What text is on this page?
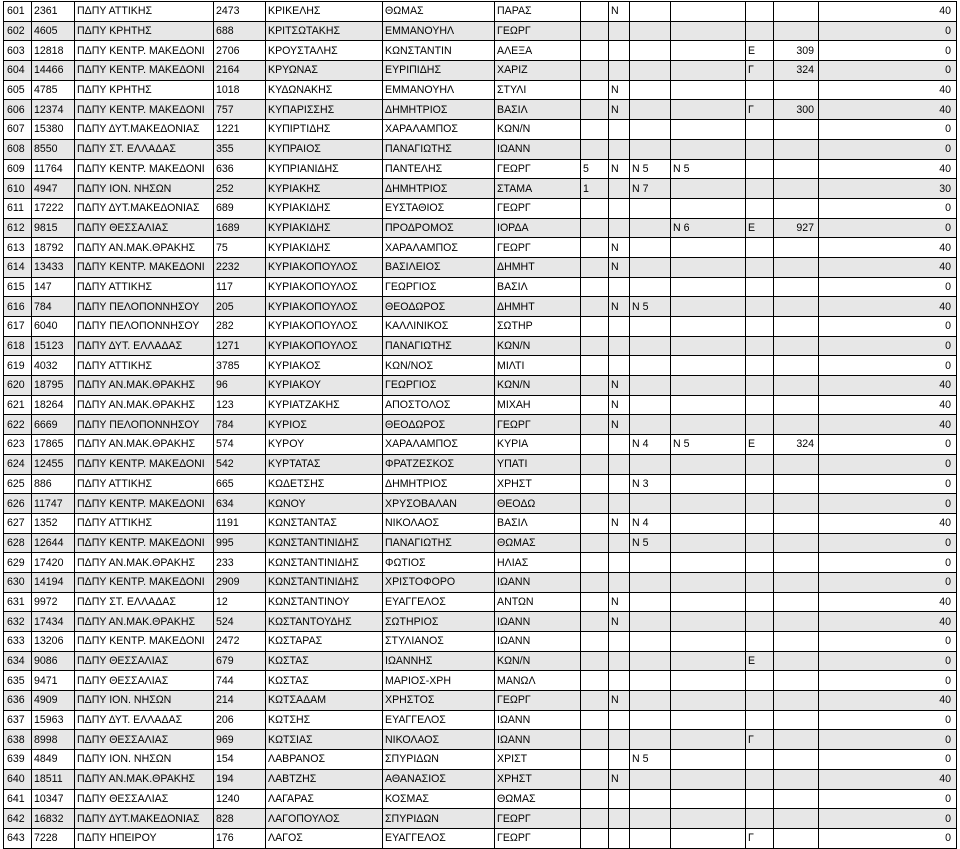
601	2361	ΠΔΠΥ ΑΤΤΙΚΗΣ	2473	ΚΡΙΚΕΛΗΣ	ΘΩΜΑΣ	ΠΑΡΑΣ		Ν					40
602	4605	ΠΔΠΥ ΚΡΗΤΗΣ	688	ΚΡΙΤΣΩΤΑΚΗΣ	ΕΜΜΑΝΟΥΗΛ	ΓΕΩΡΓ							0
603	12818	ΠΔΠΥ ΚΕΝΤΡ. ΜΑΚΕΔΟΝΙ	2706	ΚΡΟΥΣΤΑΛΗΣ	ΚΩΝΣΤΑΝΤΙΝ	ΑΛΕΞΑ					Ε	309	0
604	14466	ΠΔΠΥ ΚΕΝΤΡ. ΜΑΚΕΔΟΝΙ	2164	ΚΡΥΩΝΑΣ	ΕΥΡΙΠΙΔΗΣ	ΧΑΡΙΖ					Γ	324	0
605	4785	ΠΔΠΥ ΚΡΗΤΗΣ	1018	ΚΥΔΩΝΑΚΗΣ	ΕΜΜΑΝΟΥΗΛ	ΣΤΥΛΙ		Ν					40
606	12374	ΠΔΠΥ ΚΕΝΤΡ. ΜΑΚΕΔΟΝΙ	757	ΚΥΠΑΡΙΣΣΗΣ	ΔΗΜΗΤΡΙΟΣ	ΒΑΣΙΛ		Ν			Γ	300	40
607	15380	ΠΔΠΥ ΔΥΤ.ΜΑΚΕΔΟΝΙΑΣ	1221	ΚΥΠΙΡΤΙΔΗΣ	ΧΑΡΑΛΑΜΠΟΣ	ΚΩΝ/Ν							0
608	8550	ΠΔΠΥ ΣΤ. ΕΛΛΑΔΑΣ	355	ΚΥΠΡΑΙΟΣ	ΠΑΝΑΓΙΩΤΗΣ	ΙΩΑΝΝ							0
609	11764	ΠΔΠΥ ΚΕΝΤΡ. ΜΑΚΕΔΟΝΙ	636	ΚΥΠΡΙΑΝΙΔΗΣ	ΠΑΝΤΕΛΗΣ	ΓΕΩΡΓ	5	Ν	Ν 5	Ν 5			40
610	4947	ΠΔΠΥ ΙΟΝ. ΝΗΣΩΝ	252	ΚΥΡΙΑΚΗΣ	ΔΗΜΗΤΡΙΟΣ	ΣΤΑΜΑ	1		Ν 7				30
611	17222	ΠΔΠΥ ΔΥΤ.ΜΑΚΕΔΟΝΙΑΣ	689	ΚΥΡΙΑΚΙΔΗΣ	ΕΥΣΤΑΘΙΟΣ	ΓΕΩΡΓ							0
612	9815	ΠΔΠΥ ΘΕΣΣΑΛΙΑΣ	1689	ΚΥΡΙΑΚΙΔΗΣ	ΠΡΟΔΡΟΜΟΣ	ΙΟΡΔΑ				Ν 6	Ε	927	0
613	18792	ΠΔΠΥ ΑΝ.ΜΑΚ.ΘΡΑΚΗΣ	75	ΚΥΡΙΑΚΙΔΗΣ	ΧΑΡΑΛΑΜΠΟΣ	ΓΕΩΡΓ		Ν					40
614	13433	ΠΔΠΥ ΚΕΝΤΡ. ΜΑΚΕΔΟΝΙ	2232	ΚΥΡΙΑΚΟΠΟΥΛΟΣ	ΒΑΣΙΛΕΙΟΣ	ΔΗΜΗΤ		Ν					40
615	147	ΠΔΠΥ ΑΤΤΙΚΗΣ	117	ΚΥΡΙΑΚΟΠΟΥΛΟΣ	ΓΕΩΡΓΙΟΣ	ΒΑΣΙΛ							0
616	784	ΠΔΠΥ ΠΕΛΟΠΟΝΝΗΣΟΥ	205	ΚΥΡΙΑΚΟΠΟΥΛΟΣ	ΘΕΟΔΩΡΟΣ	ΔΗΜΗΤ		Ν	Ν 5				40
617	6040	ΠΔΠΥ ΠΕΛΟΠΟΝΝΗΣΟΥ	282	ΚΥΡΙΑΚΟΠΟΥΛΟΣ	ΚΑΛΛΙΝΙΚΟΣ	ΣΩΤΗΡ							0
618	15123	ΠΔΠΥ ΔΥΤ. ΕΛΛΑΔΑΣ	1271	ΚΥΡΙΑΚΟΠΟΥΛΟΣ	ΠΑΝΑΓΙΩΤΗΣ	ΚΩΝ/Ν							0
619	4032	ΠΔΠΥ ΑΤΤΙΚΗΣ	3785	ΚΥΡΙΑΚΟΣ	ΚΩΝ/ΝΟΣ	ΜΙΛΤΙ							0
620	18795	ΠΔΠΥ ΑΝ.ΜΑΚ.ΘΡΑΚΗΣ	96	ΚΥΡΙΑΚΟΥ	ΓΕΩΡΓΙΟΣ	ΚΩΝ/Ν		Ν					40
621	18264	ΠΔΠΥ ΑΝ.ΜΑΚ.ΘΡΑΚΗΣ	123	ΚΥΡΙΑΤΖΑΚΗΣ	ΑΠΟΣΤΟΛΟΣ	ΜΙΧΑΗ		Ν					40
622	6669	ΠΔΠΥ ΠΕΛΟΠΟΝΝΗΣΟΥ	784	ΚΥΡΙΟΣ	ΘΕΟΔΩΡΟΣ	ΓΕΩΡΓ		Ν					40
623	17865	ΠΔΠΥ ΑΝ.ΜΑΚ.ΘΡΑΚΗΣ	574	ΚΥΡΟΥ	ΧΑΡΑΛΑΜΠΟΣ	ΚΥΡΙΑ			Ν 4	Ν 5	Ε	324	0
624	12455	ΠΔΠΥ ΚΕΝΤΡ. ΜΑΚΕΔΟΝΙ	542	ΚΥΡΤΑΤΑΣ	ΦΡΑΤΖΕΣΚΟΣ	ΥΠΑΤΙ							0
625	886	ΠΔΠΥ ΑΤΤΙΚΗΣ	665	ΚΩΔΕΤΣΗΣ	ΔΗΜΗΤΡΙΟΣ	ΧΡΗΣΤ			Ν 3				0
626	11747	ΠΔΠΥ ΚΕΝΤΡ. ΜΑΚΕΔΟΝΙ	634	ΚΩΝΟΥ	ΧΡΥΣΟΒΑΛΑΝ	ΘΕΟΔΩ							0
627	1352	ΠΔΠΥ ΑΤΤΙΚΗΣ	1191	ΚΩΝΣΤΑΝΤΑΣ	ΝΙΚΟΛΑΟΣ	ΒΑΣΙΛ		Ν	Ν 4				40
628	12644	ΠΔΠΥ ΚΕΝΤΡ. ΜΑΚΕΔΟΝΙ	995	ΚΩΝΣΤΑΝΤΙΝΙΔΗΣ	ΠΑΝΑΓΙΩΤΗΣ	ΘΩΜΑΣ			Ν 5				0
629	17420	ΠΔΠΥ ΑΝ.ΜΑΚ.ΘΡΑΚΗΣ	233	ΚΩΝΣΤΑΝΤΙΝΙΔΗΣ	ΦΩΤΙΟΣ	ΗΛΙΑΣ							0
630	14194	ΠΔΠΥ ΚΕΝΤΡ. ΜΑΚΕΔΟΝΙ	2909	ΚΩΝΣΤΑΝΤΙΝΙΔΗΣ	ΧΡΙΣΤΟΦΟΡΟ	ΙΩΑΝΝ							0
631	9972	ΠΔΠΥ ΣΤ. ΕΛΛΑΔΑΣ	12	ΚΩΝΣΤΑΝΤΙΝΟΥ	ΕΥΑΓΓΕΛΟΣ	ΑΝΤΩΝ		Ν					40
632	17434	ΠΔΠΥ ΑΝ.ΜΑΚ.ΘΡΑΚΗΣ	524	ΚΩΣΤΑΝΤΟΥΔΗΣ	ΣΩΤΗΡΙΟΣ	ΙΩΑΝΝ		Ν					40
633	13206	ΠΔΠΥ ΚΕΝΤΡ. ΜΑΚΕΔΟΝΙ	2472	ΚΩΣΤΑΡΑΣ	ΣΤΥΛΙΑΝΟΣ	ΙΩΑΝΝ							0
634	9086	ΠΔΠΥ ΘΕΣΣΑΛΙΑΣ	679	ΚΩΣΤΑΣ	ΙΩΑΝΝΗΣ	ΚΩΝ/Ν					Ε		0
635	9471	ΠΔΠΥ ΘΕΣΣΑΛΙΑΣ	744	ΚΩΣΤΑΣ	ΜΑΡΙΟΣ-ΧΡΗ	ΜΑΝΩΛ							0
636	4909	ΠΔΠΥ ΙΟΝ. ΝΗΣΩΝ	214	ΚΩΤΣΑΔΑΜ	ΧΡΗΣΤΟΣ	ΓΕΩΡΓ		Ν					40
637	15963	ΠΔΠΥ ΔΥΤ. ΕΛΛΑΔΑΣ	206	ΚΩΤΣΗΣ	ΕΥΑΓΓΕΛΟΣ	ΙΩΑΝΝ							0
638	8998	ΠΔΠΥ ΘΕΣΣΑΛΙΑΣ	969	ΚΩΤΣΙΑΣ	ΝΙΚΟΛΑΟΣ	ΙΩΑΝΝ					Γ		0
639	4849	ΠΔΠΥ ΙΟΝ. ΝΗΣΩΝ	154	ΛΑΒΡΑΝΟΣ	ΣΠΥΡΙΔΩΝ	ΧΡΙΣΤ			Ν 5				0
640	18511	ΠΔΠΥ ΑΝ.ΜΑΚ.ΘΡΑΚΗΣ	194	ΛΑΒΤΖΗΣ	ΑΘΑΝΑΣΙΟΣ	ΧΡΗΣΤ		Ν					40
641	10347	ΠΔΠΥ ΘΕΣΣΑΛΙΑΣ	1240	ΛΑΓΑΡΑΣ	ΚΟΣΜΑΣ	ΘΩΜΑΣ							0
642	16832	ΠΔΠΥ ΔΥΤ.ΜΑΚΕΔΟΝΙΑΣ	828	ΛΑΓΟΠΟΥΛΟΣ	ΣΠΥΡΙΔΩΝ	ΓΕΩΡΓ							0
643	7228	ΠΔΠΥ ΗΠΕΙΡΟΥ	176	ΛΑΓΟΣ	ΕΥΑΓΓΕΛΟΣ	ΓΕΩΡΓ					Γ		0
